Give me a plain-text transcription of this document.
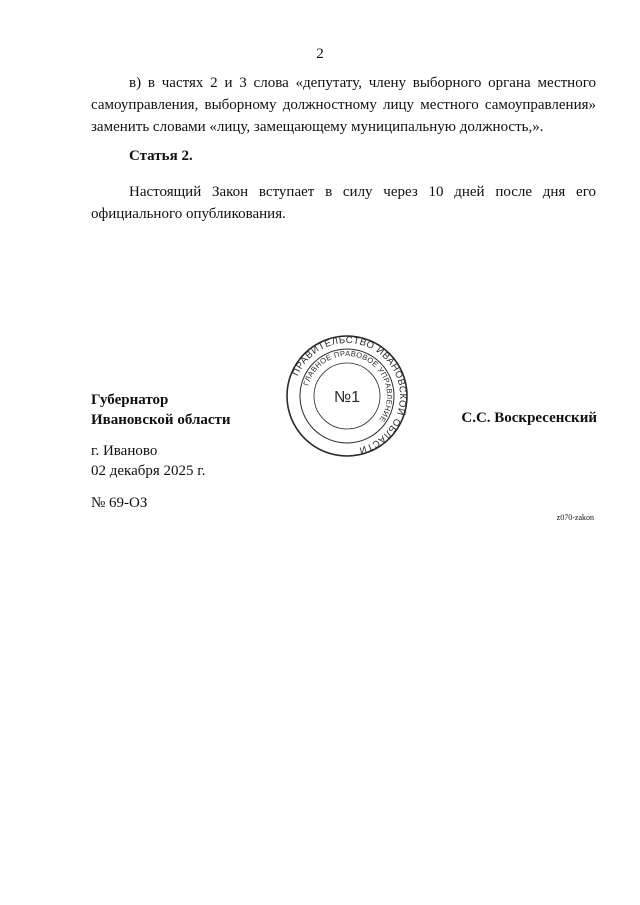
2

в) в частях 2 и 3 слова «депутату, члену выборного органа местного самоуправления, выборному должностному лицу местного самоуправления» заменить словами «лицу, замещающему муниципальную должность,».

Статья 2.

Настоящий Закон вступает в силу через 10 дней после дня его официального опубликования.

Губернатор
Ивановской области	С.С. Воскресенский
г. Иваново
02 декабря 2025 г.
№ 69-ОЗ
z070-zakon
ПРАВИТЕЛЬСТВО ИВАНОВСКОЙ ОБЛАСТИ
ГЛАВНОЕ ПРАВОВОЕ УПРАВЛЕНИЕ
№1
